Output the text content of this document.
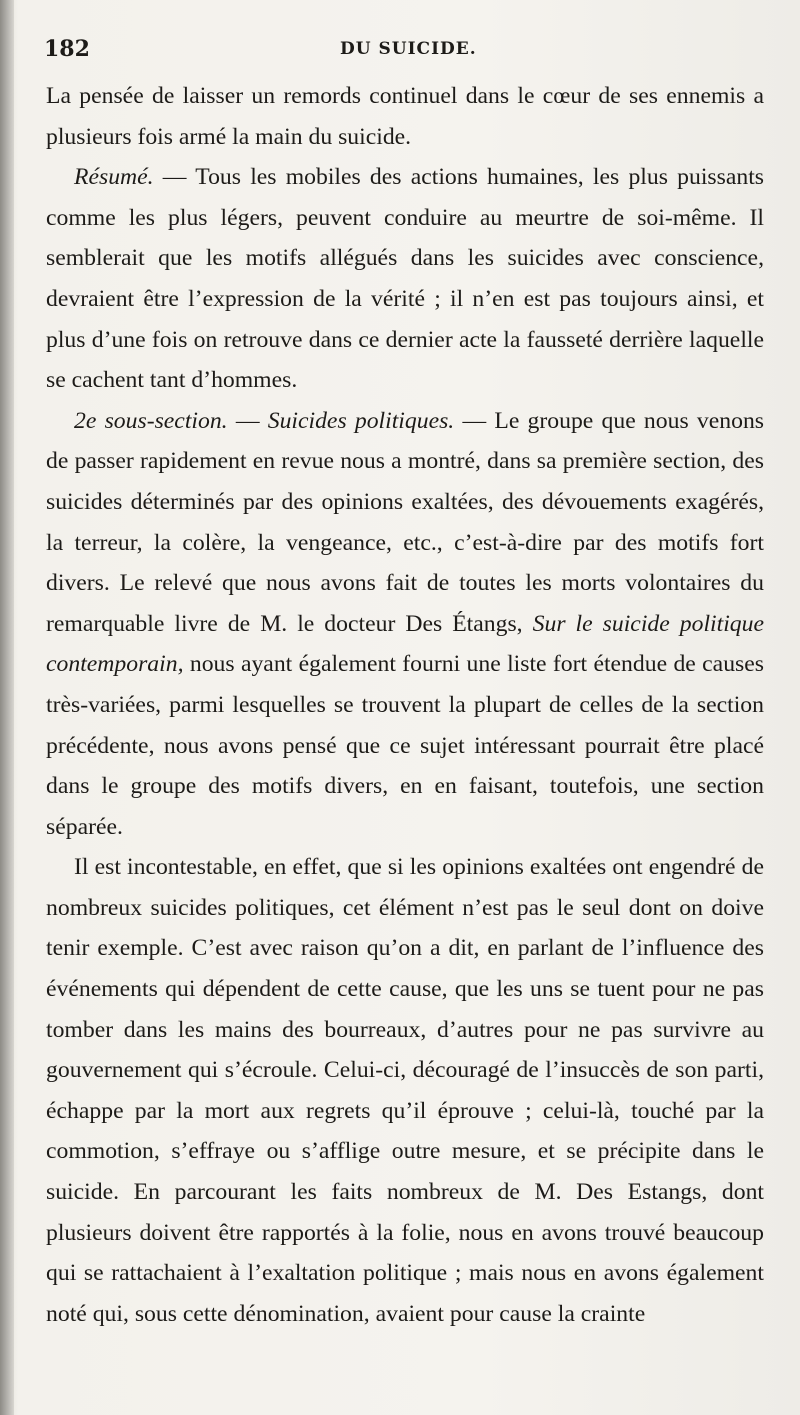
182	DU SUICIDE.

La pensée de laisser un remords continuel dans le cœur de ses ennemis a plusieurs fois armé la main du suicide.

Résumé. — Tous les mobiles des actions humaines, les plus puissants comme les plus légers, peuvent conduire au meurtre de soi-même. Il semblerait que les motifs allégués dans les suicides avec conscience, devraient être l’expression de la vérité ; il n’en est pas toujours ainsi, et plus d’une fois on retrouve dans ce dernier acte la fausseté derrière laquelle se cachent tant d’hommes.

2e sous-section. — Suicides politiques. — Le groupe que nous venons de passer rapidement en revue nous a montré, dans sa première section, des suicides déterminés par des opinions exaltées, des dévouements exagérés, la terreur, la colère, la vengeance, etc., c’est-à-dire par des motifs fort divers. Le relevé que nous avons fait de toutes les morts volontaires du remarquable livre de M. le docteur Des Étangs, Sur le suicide politique contemporain, nous ayant également fourni une liste fort étendue de causes très-variées, parmi lesquelles se trouvent la plupart de celles de la section précédente, nous avons pensé que ce sujet intéressant pourrait être placé dans le groupe des motifs divers, en en faisant, toutefois, une section séparée.

Il est incontestable, en effet, que si les opinions exaltées ont engendré de nombreux suicides politiques, cet élément n’est pas le seul dont on doive tenir exemple. C’est avec raison qu’on a dit, en parlant de l’influence des événements qui dépendent de cette cause, que les uns se tuent pour ne pas tomber dans les mains des bourreaux, d’autres pour ne pas survivre au gouvernement qui s’écroule. Celui-ci, découragé de l’insuccès de son parti, échappe par la mort aux regrets qu’il éprouve ; celui-là, touché par la commotion, s’effraye ou s’afflige outre mesure, et se précipite dans le suicide. En parcourant les faits nombreux de M. Des Estangs, dont plusieurs doivent être rapportés à la folie, nous en avons trouvé beaucoup qui se rattachaient à l’exaltation politique ; mais nous en avons également noté qui, sous cette dénomination, avaient pour cause la crainte
